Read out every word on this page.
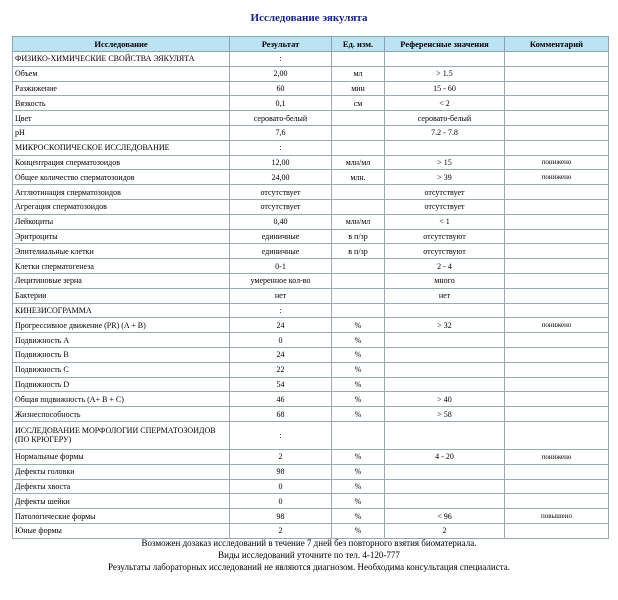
Исследование эякулята
Исследование	Результат	Ед. изм.	Референсные значения	Комментарий
ФИЗИКО-ХИМИЧЕСКИЕ СВОЙСТВА ЭЯКУЛЯТА	:			
Объем	2,00	мл	> 1.5	
Разжижение	60	мин	15 - 60	
Вязкость	0,1	см	< 2	
Цвет	серовато-белый		серовато-белый	
pH	7,6		7.2 - 7.8	
МИКРОСКОПИЧЕСКОЕ ИССЛЕДОВАНИЕ	:			
Концентрация сперматозоидов	12,00	млн/мл	> 15	понижено
Общее количество сперматозоидов	24,00	млн.	> 39	понижено
Агглютинация сперматозоидов	отсутствует		отсутствует	
Агрегация сперматозоидов	отсутствует		отсутствует	
Лейкоциты	0,40	млн/мл	< 1	
Эритроциты	единичные	в п/зр	отсутствуют	
Эпителиальные клетки	единичные	в п/зр	отсутствуют	
Клетки сперматогенеза	0-1		2 - 4	
Лецитиновые зерна	умеренное кол-во		много	
Бактерии	нет		нет	
КИНЕЗИСОГРАММА	:			
Прогрессивное движение (PR) (A + B)	24	%	> 32	понижено
Подвижность A	0	%		
Подвижность B	24	%		
Подвижность C	22	%		
Подвижность D	54	%		
Общая подвижность (A+ B + C)	46	%	> 40	
Жизнеспособность	68	%	> 58	
ИССЛЕДОВАНИЕ МОРФОЛОГИИ СПЕРМАТОЗОИДОВ (ПО КРЮГЕРУ)	:			
Нормальные формы	2	%	4 - 20	понижено
Дефекты головки	98	%		
Дефекты хвоста	0	%		
Дефекты шейки	0	%		
Патологические формы	98	%	< 96	повышено
Юные формы	2	%	2	
Возможен дозаказ исследований в течение 7 дней без повторного взятия биоматериала.
Виды исследований уточните по тел. 4-120-777
Результаты лабораторных исследований не являются диагнозом. Необходима консультация специалиста.
